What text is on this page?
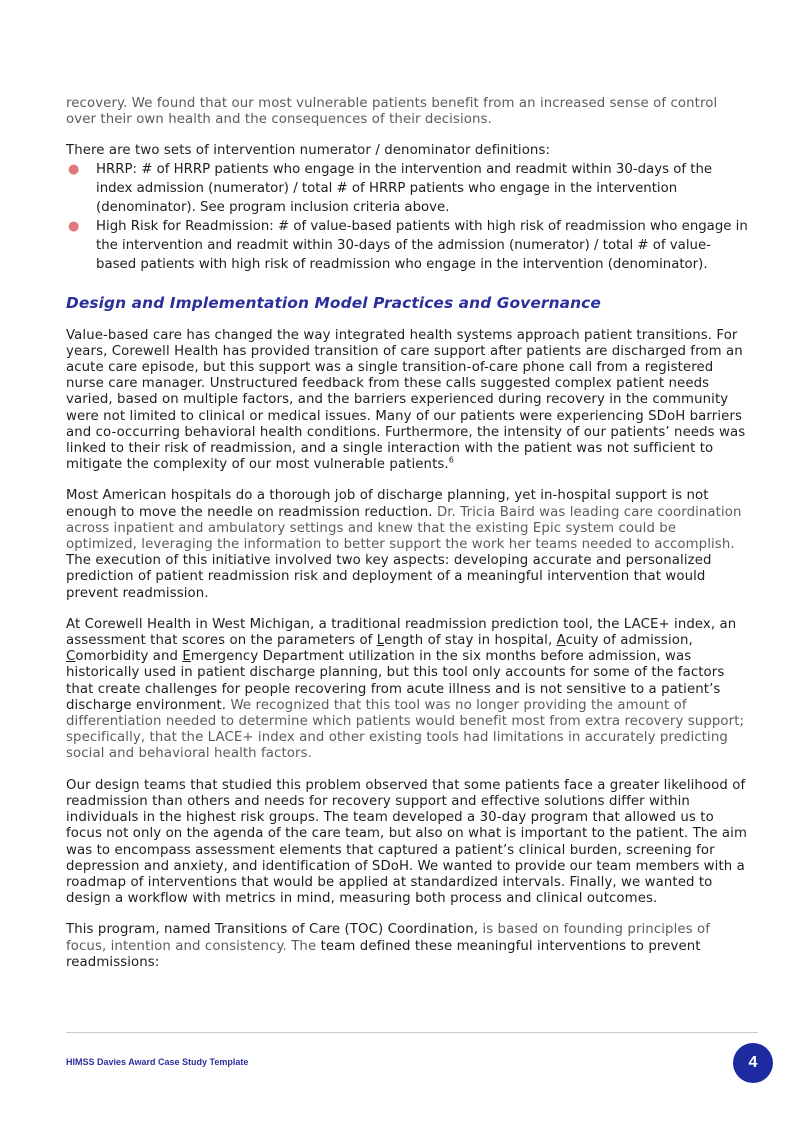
recovery. We found that our most vulnerable patients benefit from an increased sense of control over their own health and the consequences of their decisions.

There are two sets of intervention numerator / denominator definitions:

● HRRP: # of HRRP patients who engage in the intervention and readmit within 30-days of the index admission (numerator) / total # of HRRP patients who engage in the intervention (denominator). See program inclusion criteria above.
● High Risk for Readmission: # of value-based patients with high risk of readmission who engage in the intervention and readmit within 30-days of the admission (numerator) / total # of value-based patients with high risk of readmission who engage in the intervention (denominator).
Design and Implementation Model Practices and Governance

Value-based care has changed the way integrated health systems approach patient transitions. For years, Corewell Health has provided transition of care support after patients are discharged from an acute care episode, but this support was a single transition-of-care phone call from a registered nurse care manager. Unstructured feedback from these calls suggested complex patient needs varied, based on multiple factors, and the barriers experienced during recovery in the community were not limited to clinical or medical issues. Many of our patients were experiencing SDoH barriers and co-occurring behavioral health conditions. Furthermore, the intensity of our patients’ needs was linked to their risk of readmission, and a single interaction with the patient was not sufficient to mitigate the complexity of our most vulnerable patients.$^6$

Most American hospitals do a thorough job of discharge planning, yet in-hospital support is not enough to move the needle on readmission reduction. Dr. Tricia Baird was leading care coordination across inpatient and ambulatory settings and knew that the existing Epic system could be optimized, leveraging the information to better support the work her teams needed to accomplish. The execution of this initiative involved two key aspects: developing accurate and personalized prediction of patient readmission risk and deployment of a meaningful intervention that would prevent readmission.

At Corewell Health in West Michigan, a traditional readmission prediction tool, the LACE+ index, an assessment that scores on the parameters of Length of stay in hospital, Acuity of admission, Comorbidity and Emergency Department utilization in the six months before admission, was historically used in patient discharge planning, but this tool only accounts for some of the factors that create challenges for people recovering from acute illness and is not sensitive to a patient’s discharge environment. We recognized that this tool was no longer providing the amount of differentiation needed to determine which patients would benefit most from extra recovery support; specifically, that the LACE+ index and other existing tools had limitations in accurately predicting social and behavioral health factors.

Our design teams that studied this problem observed that some patients face a greater likelihood of readmission than others and needs for recovery support and effective solutions differ within individuals in the highest risk groups. The team developed a 30-day program that allowed us to focus not only on the agenda of the care team, but also on what is important to the patient. The aim was to encompass assessment elements that captured a patient’s clinical burden, screening for depression and anxiety, and identification of SDoH. We wanted to provide our team members with a roadmap of interventions that would be applied at standardized intervals. Finally, we wanted to design a workflow with metrics in mind, measuring both process and clinical outcomes.

This program, named Transitions of Care (TOC) Coordination, is based on founding principles of focus, intention and consistency. The team defined these meaningful interventions to prevent readmissions:

HIMSS Davies Award Case Study Template	4
